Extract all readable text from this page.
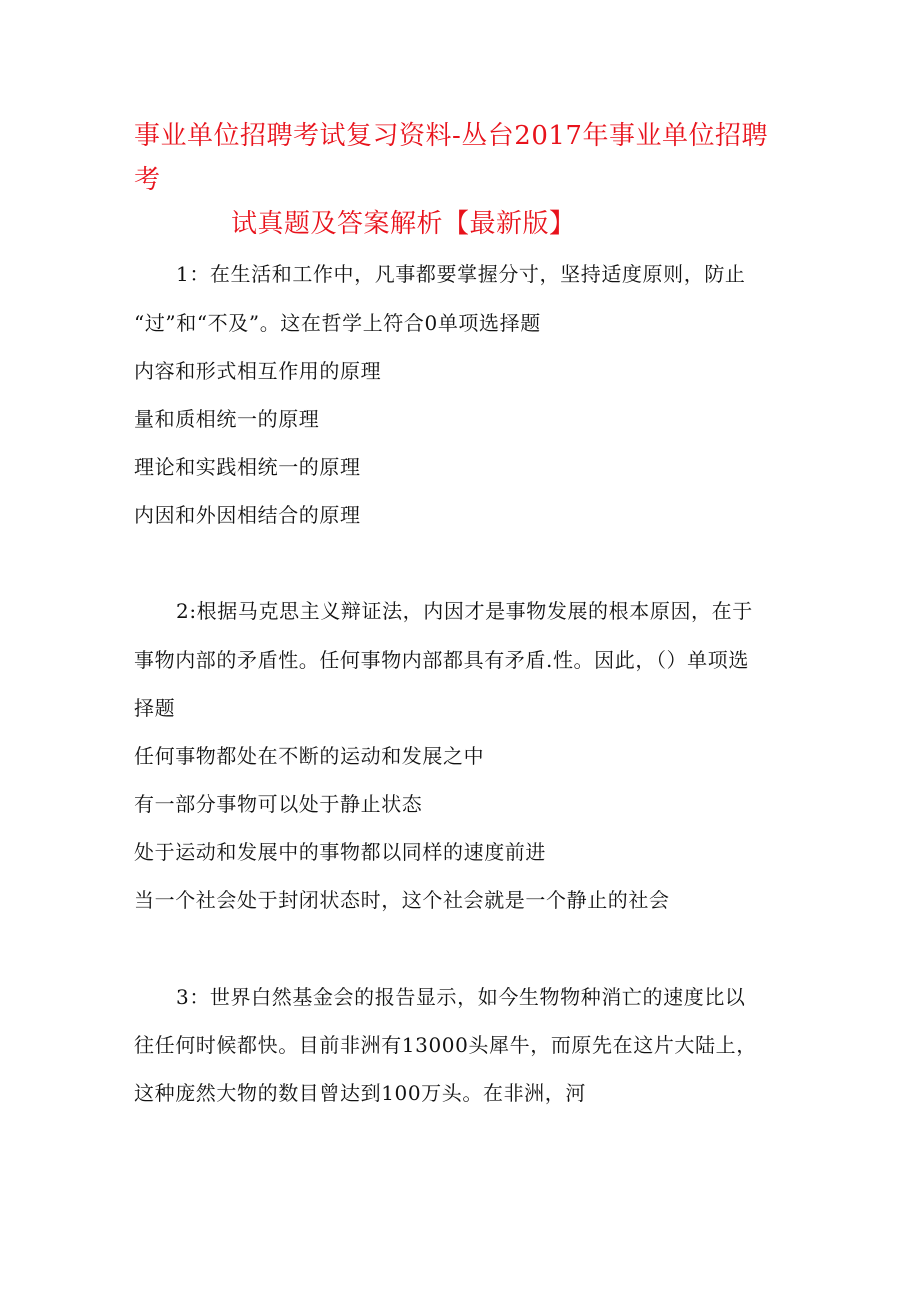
事业单位招聘考试复习资料-丛台2017年事业单位招聘考
试真题及答案解析【最新版】
1：在生活和工作中，凡事都要掌握分寸，坚持适度原则，防止
“过”和“不及”。这在哲学上符合0单项选择题
内容和形式相互作用的原理
量和质相统一的原理
理论和实践相统一的原理
内因和外因相结合的原理
2:根据马克思主义辩证法，内因才是事物发展的根本原因，在于
事物内部的矛盾性。任何事物内部都具有矛盾.性。因此，（）单项选
择题
任何事物都处在不断的运动和发展之中
有一部分事物可以处于静止状态
处于运动和发展中的事物都以同样的速度前进
当一个社会处于封闭状态时，这个社会就是一个静止的社会
3：世界白然基金会的报告显示，如今生物物种消亡的速度比以
往任何时候都快。目前非洲有13000头犀牛，而原先在这片大陆上，
这种庞然大物的数目曾达到100万头。在非洲，河
